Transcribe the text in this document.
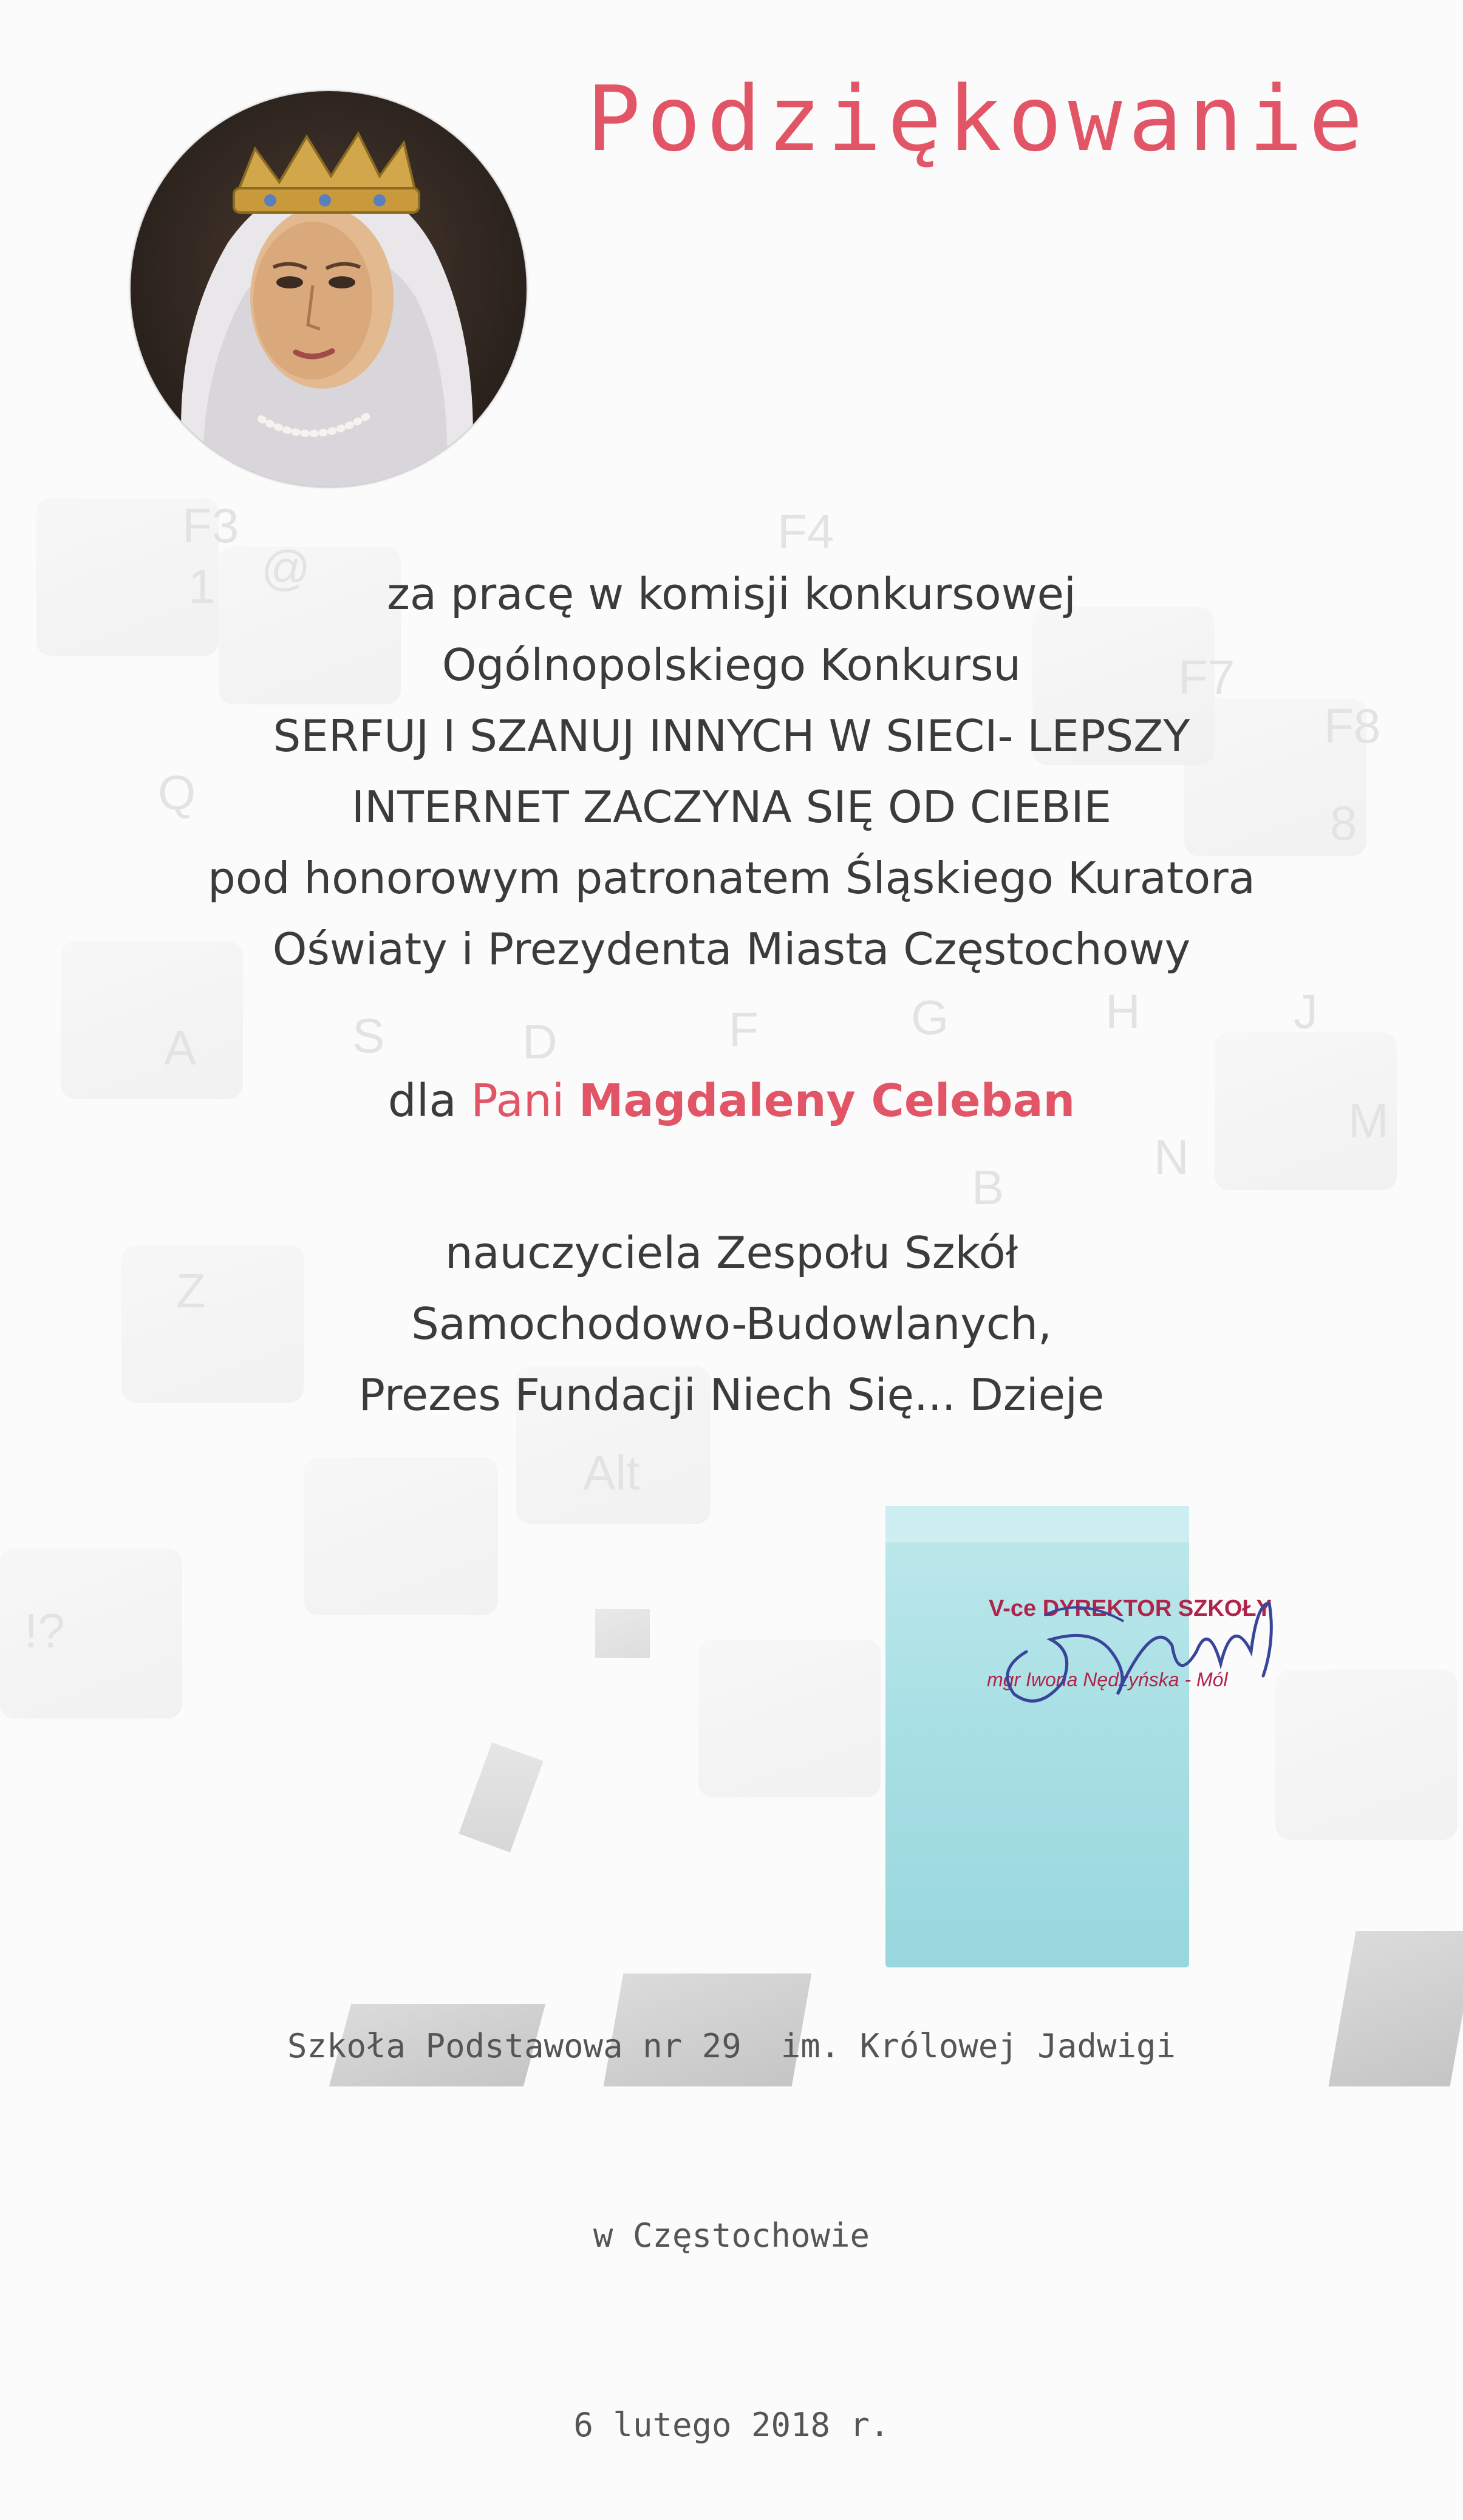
F3	F4
F7
F8
1 @
Q
8
A	S	D	F	G	H	J
Z
B
N
M
Alt
!?
Podziękowanie
za pracę w komisji konkursowej
Ogólnopolskiego Konkursu
SERFUJ I SZANUJ INNYCH W SIECI- LEPSZY
INTERNET ZACZYNA SIĘ OD CIEBIE
pod honorowym patronatem Śląskiego Kuratora
Oświaty i Prezydenta Miasta Częstochowy
dla Pani Magdaleny Celeban
nauczyciela Zespołu Szkół
Samochodowo-Budowlanych,
Prezes Fundacji Niech Się... Dzieje
V-ce DYREKTOR SZKOŁY
mgr Iwona Nędzyńska - Mól

Szkoła Podstawowa nr 29  im. Królowej Jadwigi

w Częstochowie

6 lutego 2018 r.
